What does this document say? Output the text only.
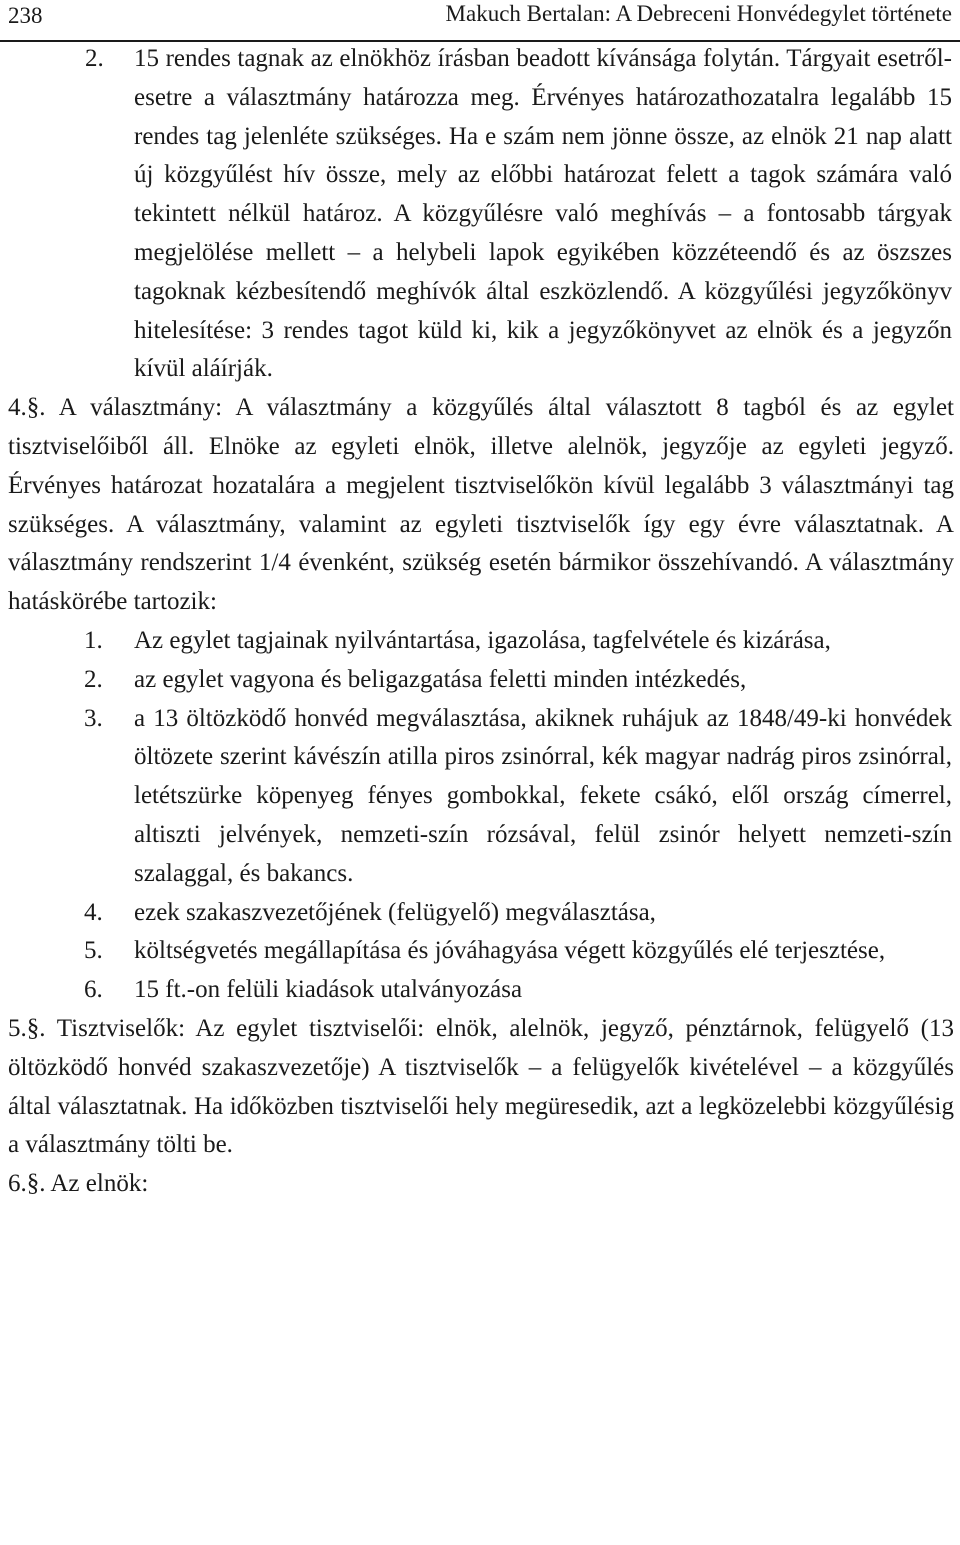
238	Makuch Bertalan: A Debreceni Honvédegylet története
2. 15 rendes tagnak az elnökhöz írásban beadott kívánsága folytán. Tárgyait esetről-esetre a választmány határozza meg. Érvényes határozathozatalra legalább 15 rendes tag jelenléte szükséges. Ha e szám nem jönne össze, az elnök 21 nap alatt új közgyűlést hív össze, mely az előbbi határozat felett a tagok számára való tekintett nélkül határoz. A közgyűlésre való meghívás – a fontosabb tárgyak megjelölése mellett – a helybeli lapok egyikében közzéteendő és az öszszes tagoknak kézbesítendő meghívók által eszközlendő. A közgyűlési jegyzőkönyv hitelesítése: 3 rendes tagot küld ki, kik a jegyzőkönyvet az elnök és a jegyzőn kívül aláírják.
4.§. A választmány: A választmány a közgyűlés által választott 8 tagból és az egylet tisztviselőiből áll. Elnöke az egyleti elnök, illetve alelnök, jegyzője az egyleti jegyző. Érvényes határozat hozatalára a megjelent tisztviselőkön kívül legalább 3 választmányi tag szükséges. A választmány, valamint az egyleti tisztviselők így egy évre választatnak. A választmány rendszerint 1/4 évenként, szükség esetén bármikor összehívandó. A választmány hatáskörébe tartozik:
1. Az egylet tagjainak nyilvántartása, igazolása, tagfelvétele és kizárása,
2. az egylet vagyona és beligazgatása feletti minden intézkedés,
3. a 13 öltözködő honvéd megválasztása, akiknek ruhájuk az 1848/49-ki honvédek öltözete szerint kávészín atilla piros zsinórral, kék magyar nadrág piros zsinórral, letétszürke köpenyeg fényes gombokkal, fekete csákó, elől ország címerrel, altiszti jelvények, nemzeti-szín rózsával, felül zsinór helyett nemzeti-szín szalaggal, és bakancs.
4. ezek szakaszvezetőjének (felügyelő) megválasztása,
5. költségvetés megállapítása és jóváhagyása végett közgyűlés elé terjesztése,
6. 15 ft.-on felüli kiadások utalványozása
5.§. Tisztviselők: Az egylet tisztviselői: elnök, alelnök, jegyző, pénztárnok, felügyelő (13 öltözködő honvéd szakaszvezetője) A tisztviselők – a felügyelők kivételével – a közgyűlés által választatnak. Ha időközben tisztviselői hely megüresedik, azt a legközelebbi közgyűlésig a választmány tölti be.
6.§. Az elnök:
